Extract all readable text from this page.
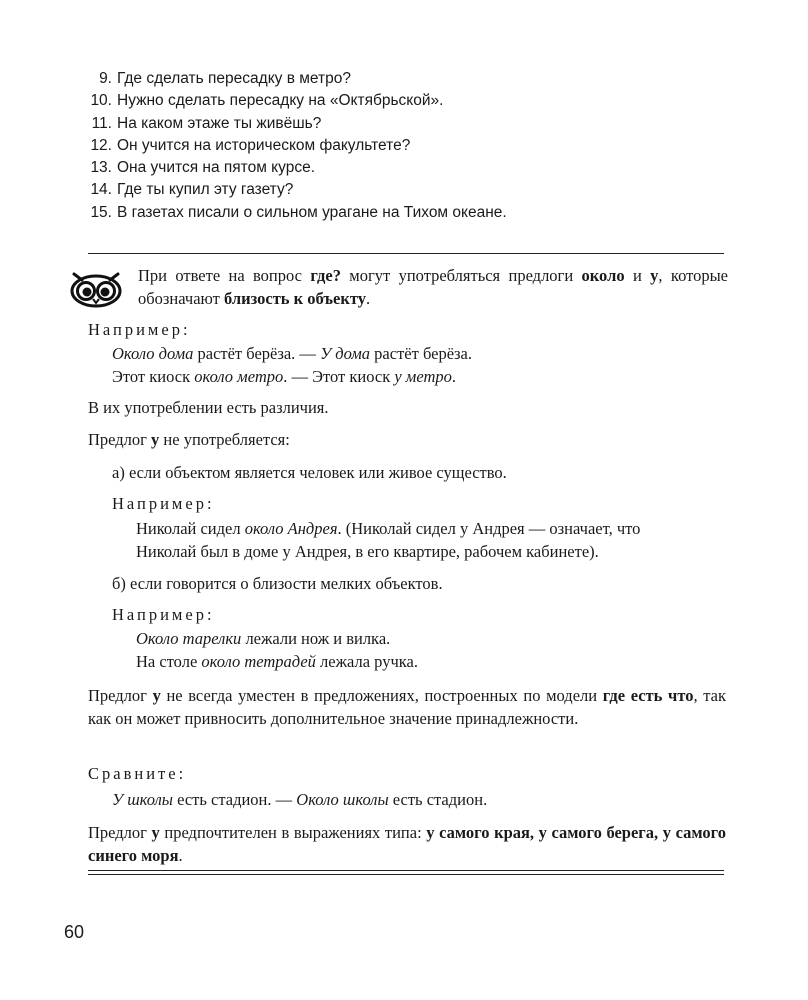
9. Где сделать пересадку в метро?
10. Нужно сделать пересадку на «Октябрьской».
11. На каком этаже ты живёшь?
12. Он учится на историческом факультете?
13. Она учится на пятом курсе.
14. Где ты купил эту газету?
15. В газетах писали о сильном урагане на Тихом океане.
При ответе на вопрос где? могут употребляться предлоги около и у, которые обозначают близость к объекту.
Например:
Около дома растёт берёза. — У дома растёт берёза.
Этот киоск около метро. — Этот киоск у метро.
В их употреблении есть различия.
Предлог у не употребляется:
а) если объектом является человек или живое существо.
Например:
Николай сидел около Андрея. (Николай сидел у Андрея — означает, что
Николай был в доме у Андрея, в его квартире, рабочем кабинете).
б) если говорится о близости мелких объектов.
Например:
Около тарелки лежали нож и вилка.
На столе около тетрадей лежала ручка.
Предлог у не всегда уместен в предложениях, построенных по модели где есть что, так как он может привносить дополнительное значение принадлежности.
Сравните:
У школы есть стадион. — Около школы есть стадион.
Предлог у предпочтителен в выражениях типа: у самого края, у самого берега, у самого синего моря.
60
